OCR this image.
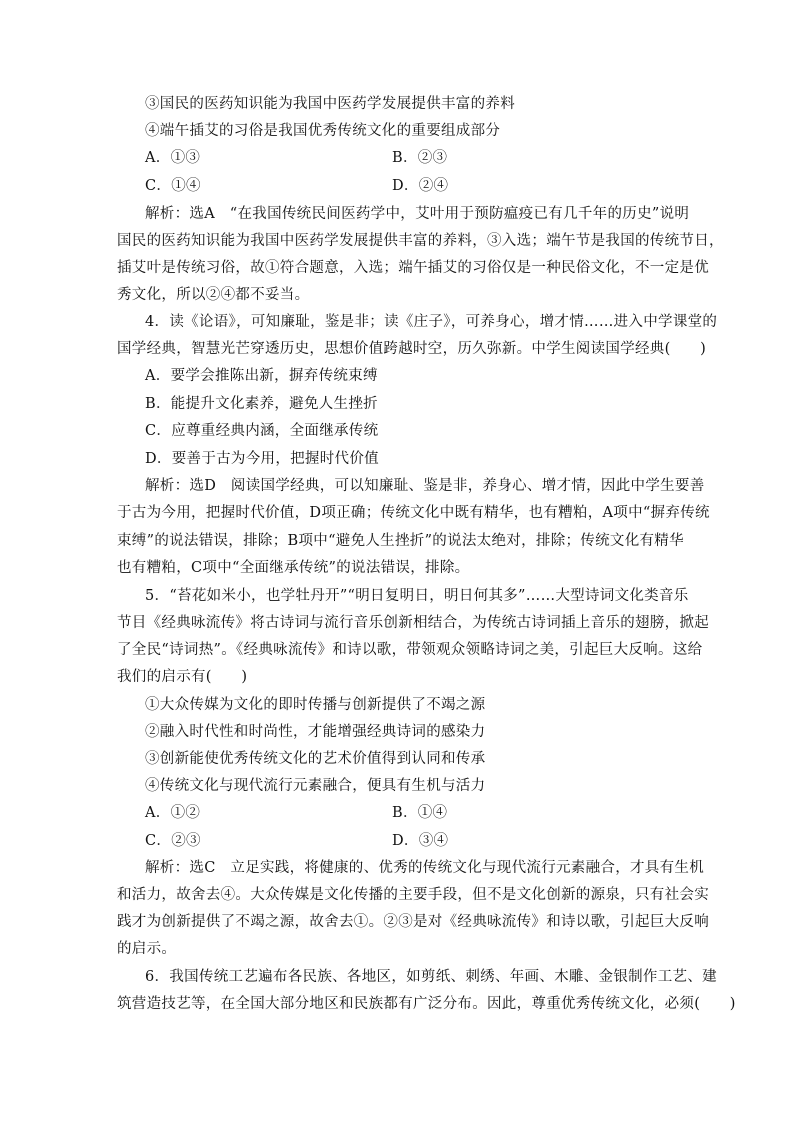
③国民的医药知识能为我国中医药学发展提供丰富的养料
④端午插艾的习俗是我国优秀传统文化的重要组成部分
A．①③	B．②③
C．①④	D．②④
解析：选A　“在我国传统民间医药学中，艾叶用于预防瘟疫已有几千年的历史”说明
国民的医药知识能为我国中医药学发展提供丰富的养料，③入选；端午节是我国的传统节日，
插艾叶是传统习俗，故①符合题意，入选；端午插艾的习俗仅是一种民俗文化，不一定是优
秀文化，所以②④都不妥当。
4．读《论语》，可知廉耻，鉴是非；读《庄子》，可养身心，增才情……进入中学课堂的
国学经典，智慧光芒穿透历史，思想价值跨越时空，历久弥新。中学生阅读国学经典(　　)
A．要学会推陈出新，摒弃传统束缚
B．能提升文化素养，避免人生挫折
C．应尊重经典内涵，全面继承传统
D．要善于古为今用，把握时代价值
解析：选D　阅读国学经典，可以知廉耻、鉴是非，养身心、增才情，因此中学生要善
于古为今用，把握时代价值，D项正确；传统文化中既有精华，也有糟粕，A项中“摒弃传统
束缚”的说法错误，排除；B项中“避免人生挫折”的说法太绝对，排除；传统文化有精华
也有糟粕，C项中“全面继承传统”的说法错误，排除。
5．“苔花如米小，也学牡丹开”“明日复明日，明日何其多”……大型诗词文化类音乐
节目《经典咏流传》将古诗词与流行音乐创新相结合，为传统古诗词插上音乐的翅膀，掀起
了全民“诗词热”。《经典咏流传》和诗以歌，带领观众领略诗词之美，引起巨大反响。这给
我们的启示有(　　)
①大众传媒为文化的即时传播与创新提供了不竭之源
②融入时代性和时尚性，才能增强经典诗词的感染力
③创新能使优秀传统文化的艺术价值得到认同和传承
④传统文化与现代流行元素融合，便具有生机与活力
A．①②	B．①④
C．②③	D．③④
解析：选C　立足实践，将健康的、优秀的传统文化与现代流行元素融合，才具有生机
和活力，故舍去④。大众传媒是文化传播的主要手段，但不是文化创新的源泉，只有社会实
践才为创新提供了不竭之源，故舍去①。②③是对《经典咏流传》和诗以歌，引起巨大反响
的启示。
6．我国传统工艺遍布各民族、各地区，如剪纸、刺绣、年画、木雕、金银制作工艺、建
筑营造技艺等，在全国大部分地区和民族都有广泛分布。因此，尊重优秀传统文化，必须(　　)
